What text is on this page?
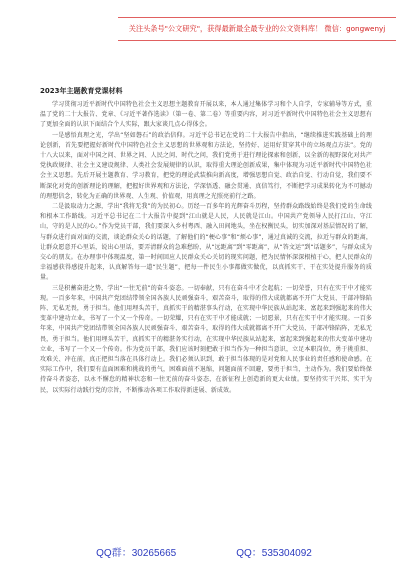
关注头条号"公文研究"，获得最新最全最专业的公文资料库！ 微信：gongwenyj
2023年主题教育党课材料

学习贯彻习近平新时代中国特色社会主义思想主题教育开展以来，本人通过集体学习和个人自学，专家辅导等方式，重温了党的二十大报告、党章、《习近平著作选读》（第一卷、第二卷）等重要内容，对习近平新时代中国特色社会主义思想有了更加全面的认识下面结合个人实际，跟大家谈几点心得体会。

一是感悟真理之光，学出“坚如磐石”的政治信仰。习近平总书记在党的二十大报告中指出，“继续推进实践基础上的理论创新，首先要把握好新时代中国特色社会主义思想的世界观和方法论，坚持好、运用好贯穿其中的立场观点方法”。党的十八大以来，面对中国之问、世界之问、人民之问、时代之问，我们党勇于进行理论探索和创新，以全新的视野深化对共产党执政规律、社会主义建设规律、人类社会发展规律的认识，取得重大理论创新成果，集中体现为习近平新时代中国特色社会主义思想。先后开展主题教育、学习教育，把党的理论武装推向新高度，增强思想自觉、政治自觉、行动自觉，我们要不断深化对党的创新理论的理解，把握好世界观和方法论，学深悟透、融会贯通、真信笃行，不断把学习成果转化为不可撼动的理想信念，转化为正确的世界观、人生观、价值观，用真理之光照亮前行之路。

二是汲取动力之源，学出“我将无我”的为民初心。历经一百多年的光辉奋斗历程，坚持群众路线始终是我们党的生命线和根本工作路线。习近平总书记在二十大报告中提到“江山就是人民，人民就是江山。中国共产党领导人民打江山、守江山，守的是人民的心。”作为党员干部，我们要深入乡村粤西、融入田间地头，坐在权衡民头，切实加深对基层情况的了解，与群众进行面对面的交流，谈论群众关心的话题，了解他们的“梗心事”和“烦心事”，通过真诚的交流，拉近与群众的距离，让群众愿意开心里话，说出心里话，要弄清群众的急难愁盼，从“远距离”到“零距离”，从“答文运”到“话题多”，与群众成为交心的朋友。在办理事中体现温度，第一时间回应人民群众关心关切的现实问题，把为民情怀深深根植于心，把人民群众的幸福感获得感提升起来，认真解答每一道“民生题”，把每一件民生小事都做实做优，以真抓实干、干在实处提升服务的质量。

三是积蓄奋进之势，学出“一往无前”的奋斗姿态。一切奉献，只有在奋斗中才会起航；一切荣誉，只有在实干中才能实现。一百多年来，中国共产党团结带领全国各族人民顽强奋斗，艰苦奋斗，取得的伟大成就都离不开广大党员、干部冲锋陷阵、无私无畏，勇于担当。他们用埋头苦干，真抓实干的精湛事头行动，在实现中华民族从站起来、富起来到强起来的伟大变革中建功立业，书写了一个又一个传奇。一切荣耀，只有在实干中才能成就；一切愿景，只有在实干中才能实现。一百多年来，中国共产党团结带领全国各族人民顽强奋斗、艰苦奋斗，取得的伟大成就都离不开广大党员、干部冲锋陷阵，无私无畏，勇于担当。他们用埋头苦干，真抓实干的精湛务实行动，在实现中华民族从站起来，富起来到强起来的伟大变革中建功立业，书写了一个又一个传奇。作为党员干部，我们应该时刻把敢于担当作为一种担当意识，立足本职岗位，勇于挑重担、攻难关、冲在前，真正把担当落在具体行动上。我们必须认识到，敢于担当体现的是对党和人民事业的责任感和使命感。在实际工作中，我们要有直面困难和挑战的勇气，困难面前不退缩，问题面前不回避，要勇于担当，主动作为。我们要始终保持奋斗者姿态，以永不懈怠的精神状态和一往无前的奋斗姿态，在新征程上创造新的更大业绩。要坚持实干兴邦、实干为民，以实际行动践行党的宗旨，不断推动各项工作取得新进展、新成效。

QQ群：30265665	QQ：535304092
